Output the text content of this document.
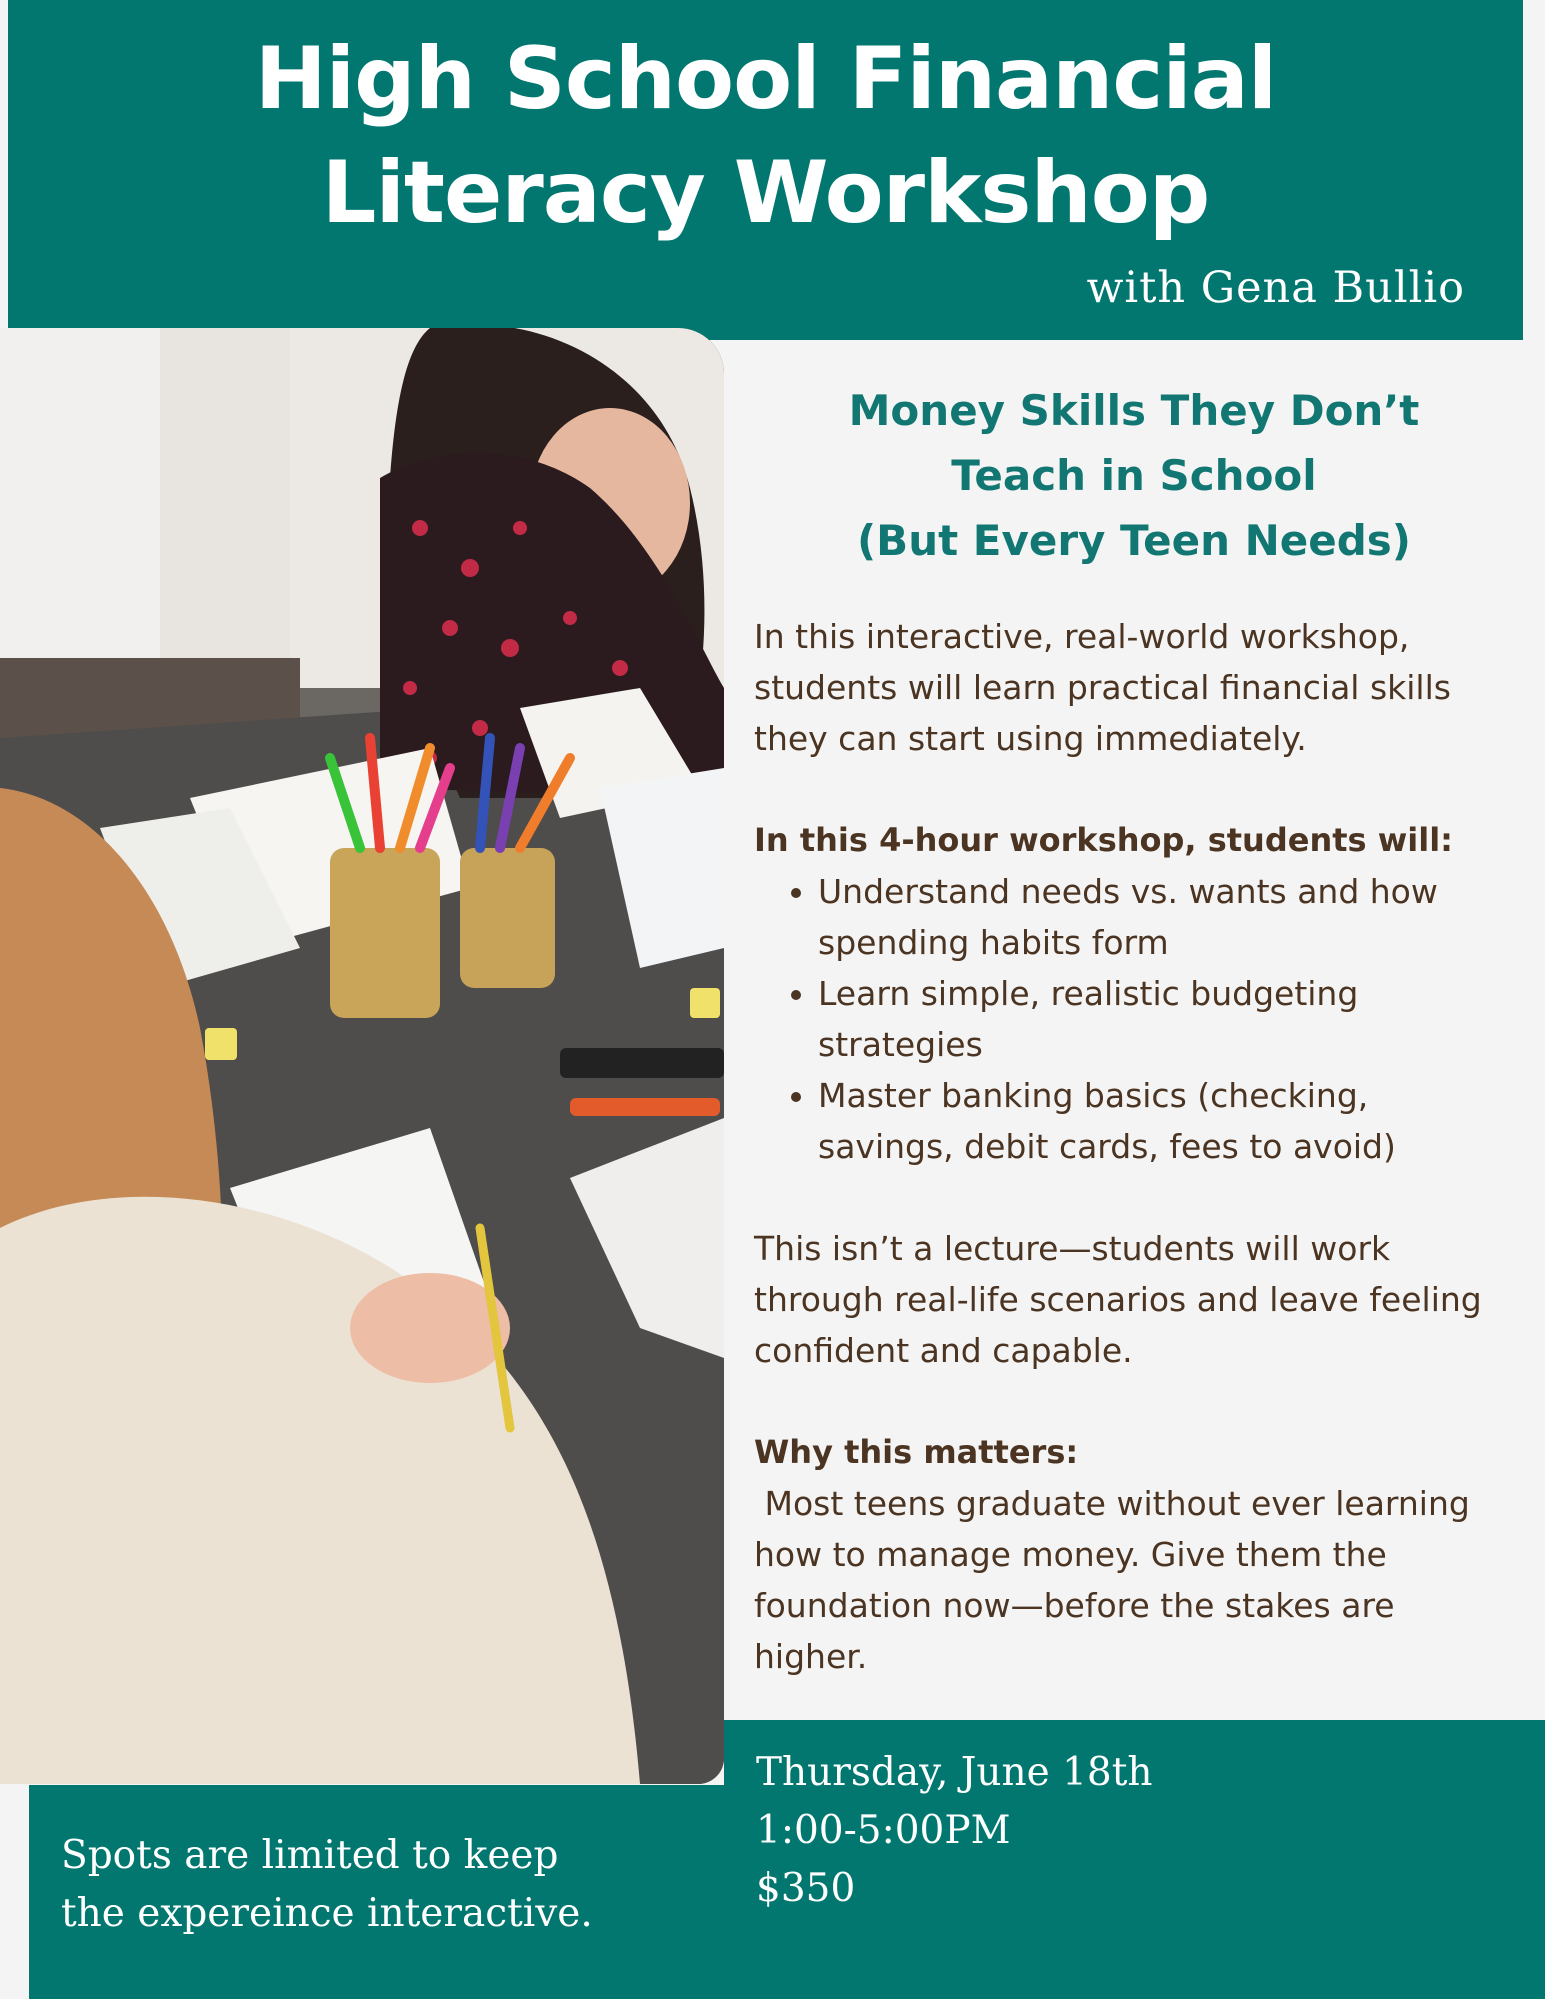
High School Financial
Literacy Workshop
with Gena Bullio
Money Skills They Don’t
Teach in School
(But Every Teen Needs)

In this interactive, real-world workshop, students will learn practical financial skills they can start using immediately.

In this 4-hour workshop, students will:

• Understand needs vs. wants and how spending habits form
• Learn simple, realistic budgeting strategies
• Master banking basics (checking, savings, debit cards, fees to avoid)

This isn’t a lecture—students will work through real-life scenarios and leave feeling confident and capable.

Why this matters:

Most teens graduate without ever learning how to manage money. Give them the foundation now—before the stakes are higher.

Spots are limited to keep
the expereince interactive.
Thursday, June 18th
1:00-5:00PM
$350
